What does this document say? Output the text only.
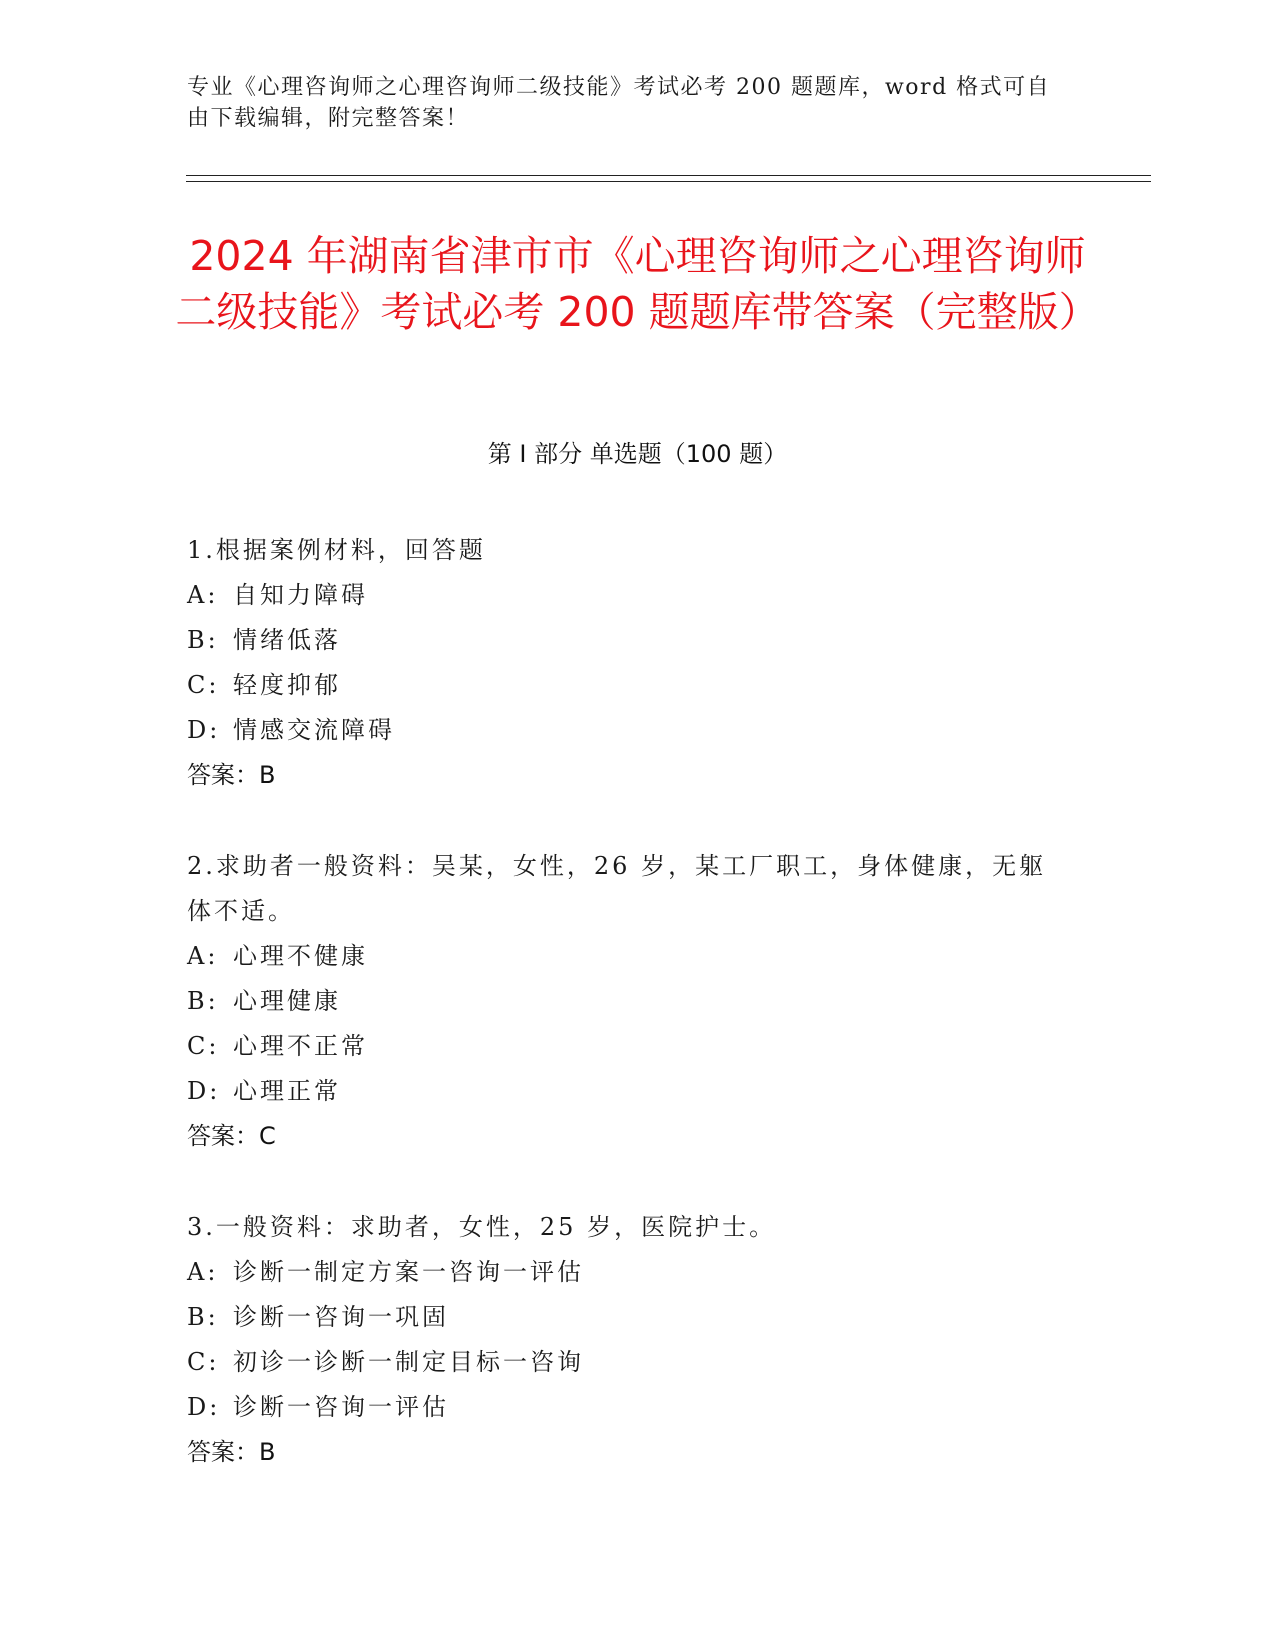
专业《心理咨询师之心理咨询师二级技能》考试必考 200 题题库，word 格式可自由下载编辑，附完整答案！
2024 年湖南省津市市《心理咨询师之心理咨询师二级技能》考试必考 200 题题库带答案（完整版）
第 I 部分 单选题（100 题）
1.根据案例材料，回答题
A: 自知力障碍
B: 情绪低落
C: 轻度抑郁
D: 情感交流障碍
答案：B
2.求助者一般资料：吴某，女性，26 岁，某工厂职工，身体健康，无躯体不适。
A: 心理不健康
B: 心理健康
C: 心理不正常
D: 心理正常
答案：C
3.一般资料：求助者，女性，25 岁，医院护士。
A: 诊断一制定方案一咨询一评估
B: 诊断一咨询一巩固
C: 初诊一诊断一制定目标一咨询
D: 诊断一咨询一评估
答案：B
